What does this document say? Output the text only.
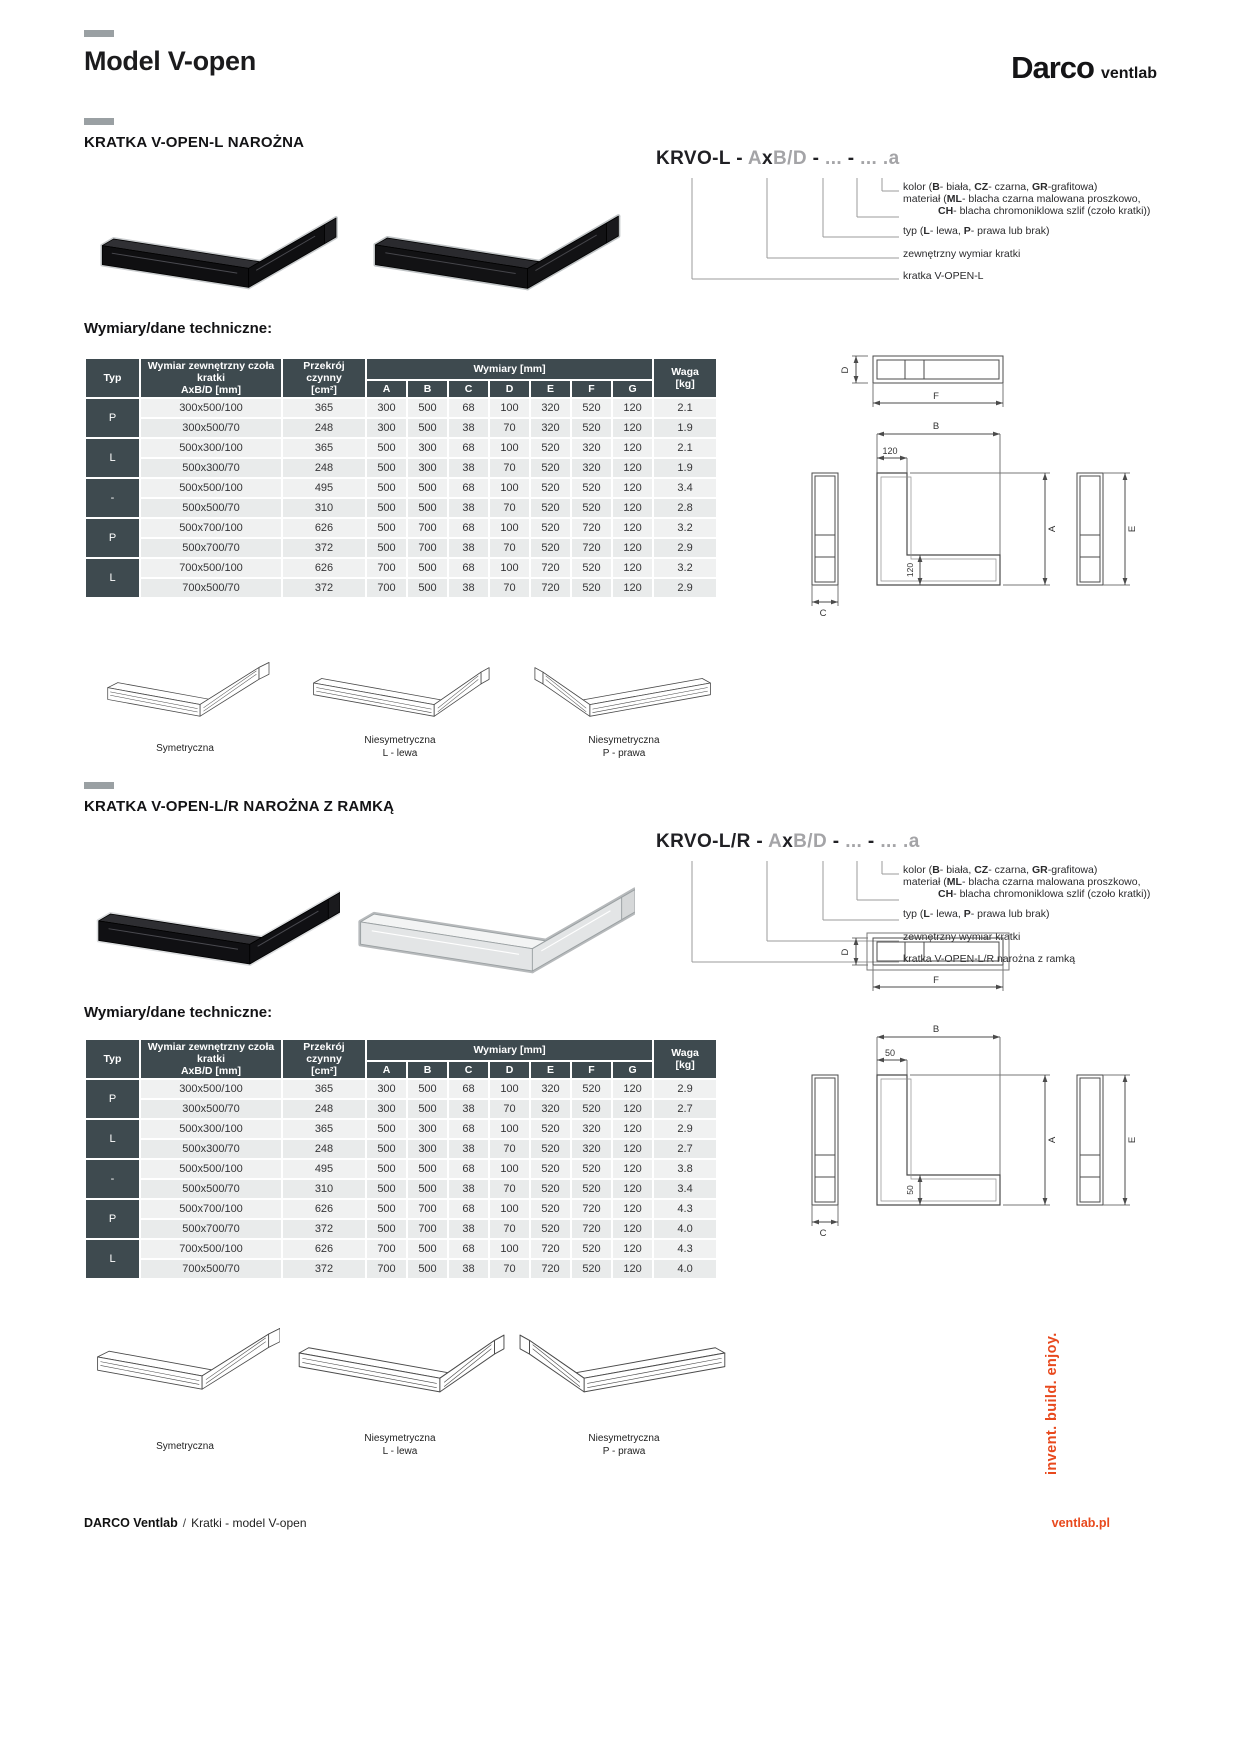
Model V-open	Darco ventlab
KRATKA V-OPEN-L NAROŻNA
KRVO-L - AxB/D - ... - ... .a
kolor (B- biała, CZ- czarna, GR-grafitowa)
materiał (ML- blacha czarna malowana proszkowo,
CH- blacha chromoniklowa szlif (czoło kratki))
typ (L- lewa, P- prawa lub brak)
zewnętrzny wymiar kratki
kratka V-OPEN-L
Wymiary/dane techniczne:
Typ

Wymiar zewnętrzny czoła kratki
AxB/D [mm]

Przekrój czynny
[cm²]

Wymiary [mm]	Waga
[kg]

			A	B	C	D	E	F	G	

P	300x500/100	365	300	500	68	100	320	520	120	2.1
	300x500/70	248	300	500	38	70	320	520	120	1.9
L	500x300/100	365	500	300	68	100	520	320	120	2.1
	500x300/70	248	500	300	38	70	520	320	120	1.9
-	500x500/100	495	500	500	68	100	520	520	120	3.4
	500x500/70	310	500	500	38	70	520	520	120	2.8
P	500x700/100	626	500	700	68	100	520	720	120	3.2
	500x700/70	372	500	700	38	70	520	720	120	2.9
L	700x500/100	626	700	500	68	100	720	520	120	3.2
	700x500/70	372	700	500	38	70	720	520	120	2.9
D
F
B
120
A
120
C
E
Symetryczna
Niesymetryczna
L - lewa
Niesymetryczna
P - prawa
KRATKA V-OPEN-L/R NAROŻNA Z RAMKĄ
KRVO-L/R - AxB/D - ... - ... .a
kolor (B- biała, CZ- czarna, GR-grafitowa)
materiał (ML- blacha czarna malowana proszkowo,
CH- blacha chromoniklowa szlif (czoło kratki))
typ (L- lewa, P- prawa lub brak)
zewnętrzny wymiar kratki
kratka V-OPEN-L/R narożna z ramką
Wymiary/dane techniczne:
Typ

Wymiar zewnętrzny czoła kratki
AxB/D [mm]

Przekrój czynny
[cm²]

Wymiary [mm]	Waga
[kg]

			A	B	C	D	E	F	G	

P	300x500/100	365	300	500	68	100	320	520	120	2.9
	300x500/70	248	300	500	38	70	320	520	120	2.7
L	500x300/100	365	500	300	68	100	520	320	120	2.9
	500x300/70	248	500	300	38	70	520	320	120	2.7
-	500x500/100	495	500	500	68	100	520	520	120	3.8
	500x500/70	310	500	500	38	70	520	520	120	3.4
P	500x700/100	626	500	700	68	100	520	720	120	4.3
	500x700/70	372	500	700	38	70	520	720	120	4.0
L	700x500/100	626	700	500	68	100	720	520	120	4.3
	700x500/70	372	700	500	38	70	720	520	120	4.0
D
F
B
50
A
50
C
E
Symetryczna
Niesymetryczna
L - lewa
Niesymetryczna
P - prawa	invent. build. enjoy.
DARCO Ventlab / Kratki - model V-open	ventlab.pl
